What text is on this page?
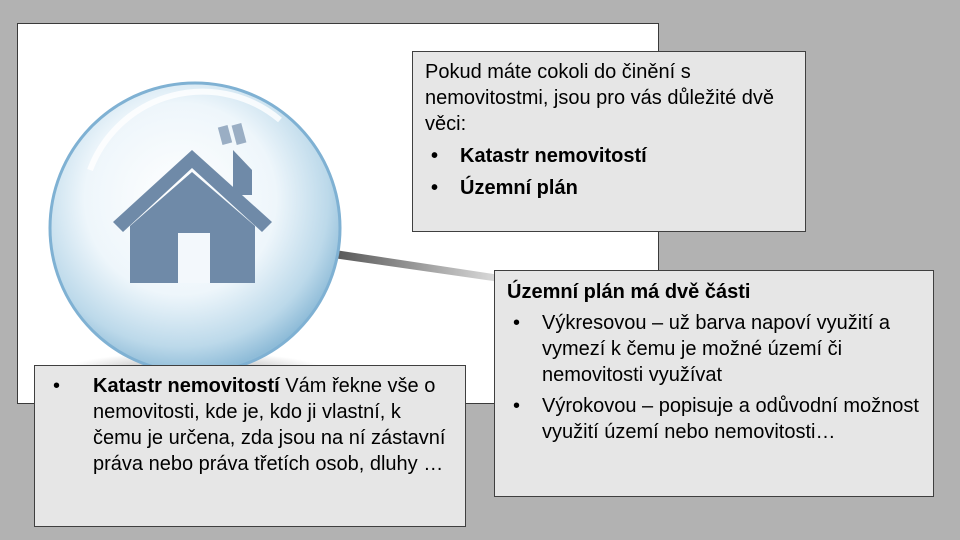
Pokud máte cokoli do činění s nemovitostmi, jsou pro vás důležité dvě věci:

• Katastr nemovitostí
• Územní plán

Územní plán má dvě části

• Výkresovou – už barva napoví využití a vymezí k čemu je možné území či nemovitosti využívat
• Výrokovou – popisuje a odůvodní možnost využití území nebo nemovitosti…
• Katastr nemovitostí Vám řekne vše o nemovitosti, kde je, kdo ji vlastní, k čemu je určena, zda jsou na ní zástavní práva nebo práva třetích osob, dluhy …
